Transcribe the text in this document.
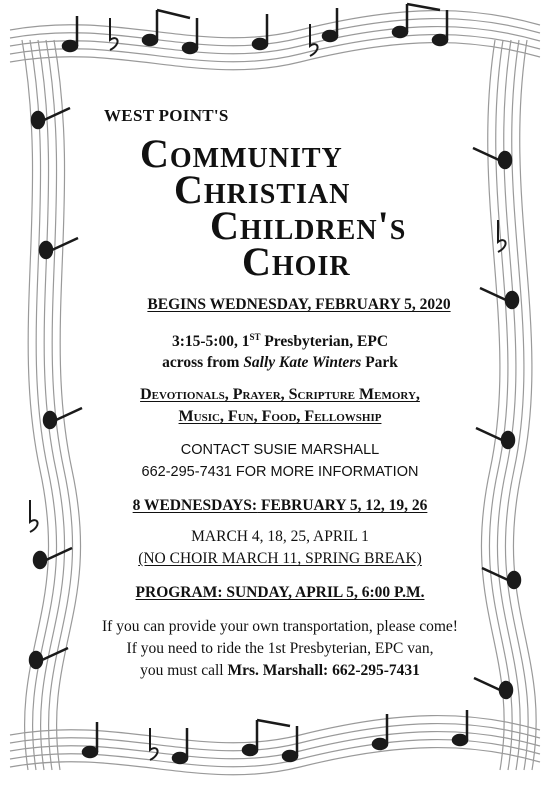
WEST POINT'S

Community
Christian
Children's
Choir
BEGINS WEDNESDAY, FEBRUARY 5, 2020
3:15-5:00, 1ST Presbyterian, EPC
across from Sally Kate Winters Park
Devotionals, Prayer, Scripture Memory,
Music, Fun, Food, Fellowship
CONTACT SUSIE MARSHALL
662-295-7431 FOR MORE INFORMATION
8 WEDNESDAYS: FEBRUARY 5, 12, 19, 26
MARCH 4, 18, 25, APRIL 1
(NO CHOIR MARCH 11, SPRING BREAK)
PROGRAM: SUNDAY, APRIL 5, 6:00 P.M.
If you can provide your own transportation, please come!
If you need to ride the 1st Presbyterian, EPC van,
you must call Mrs. Marshall: 662-295-7431
